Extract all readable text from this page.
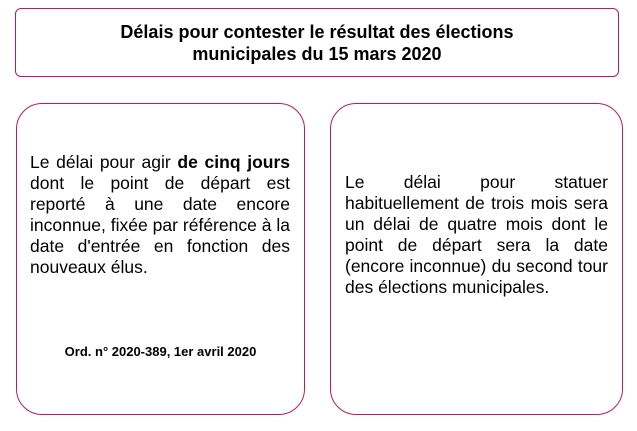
Délais pour contester le résultat des élections municipales du 15 mars 2020
Le délai pour agir de cinq jours dont le point de départ est reporté à une date encore inconnue, fixée par référence à la date d'entrée en fonction des nouveaux élus.
Ord. n° 2020-389, 1er avril 2020
Le délai pour statuer habituellement de trois mois sera un délai de quatre mois dont le point de départ sera la date (encore inconnue) du second tour des élections municipales.
